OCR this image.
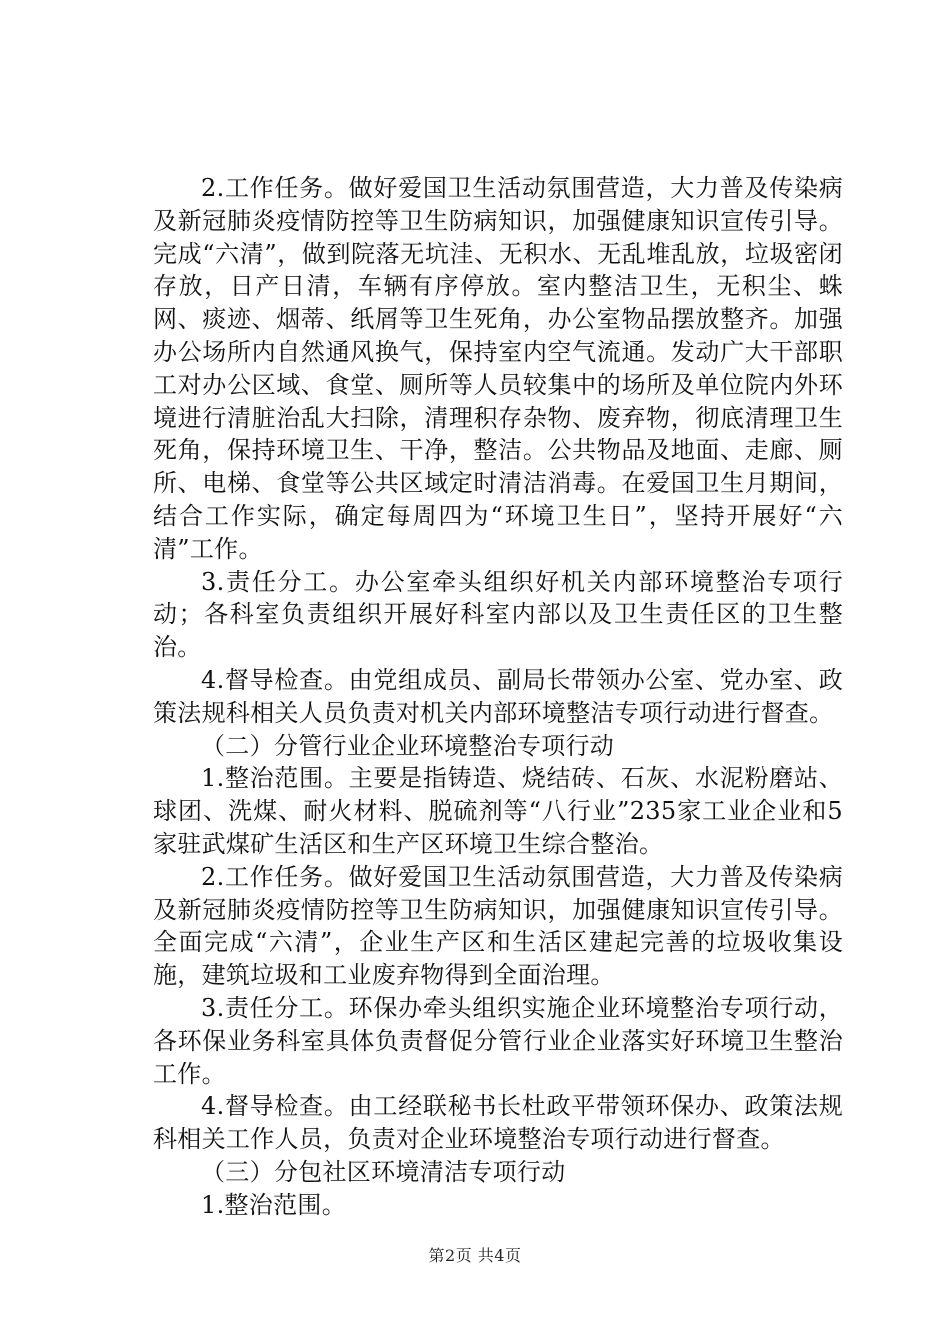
2.工作任务。做好爱国卫生活动氛围营造，大力普及传染病及新冠肺炎疫情防控等卫生防病知识，加强健康知识宣传引导。完成“六清”，做到院落无坑洼、无积水、无乱堆乱放，垃圾密闭存放，日产日清，车辆有序停放。室内整洁卫生，无积尘、蛛网、痰迹、烟蒂、纸屑等卫生死角，办公室物品摆放整齐。加强办公场所内自然通风换气，保持室内空气流通。发动广大干部职工对办公区域、食堂、厕所等人员较集中的场所及单位院内外环境进行清脏治乱大扫除，清理积存杂物、废弃物，彻底清理卫生死角，保持环境卫生、干净，整洁。公共物品及地面、走廊、厕所、电梯、食堂等公共区域定时清洁消毒。在爱国卫生月期间，结合工作实际，确定每周四为“环境卫生日”，坚持开展好“六清”工作。

3.责任分工。办公室牵头组织好机关内部环境整治专项行动；各科室负责组织开展好科室内部以及卫生责任区的卫生整治。

4.督导检查。由党组成员、副局长带领办公室、党办室、政策法规科相关人员负责对机关内部环境整洁专项行动进行督查。

（二）分管行业企业环境整治专项行动

1.整治范围。主要是指铸造、烧结砖、石灰、水泥粉磨站、球团、洗煤、耐火材料、脱硫剂等“八行业”235家工业企业和5家驻武煤矿生活区和生产区环境卫生综合整治。

2.工作任务。做好爱国卫生活动氛围营造，大力普及传染病及新冠肺炎疫情防控等卫生防病知识，加强健康知识宣传引导。全面完成“六清”，企业生产区和生活区建起完善的垃圾收集设施，建筑垃圾和工业废弃物得到全面治理。

3.责任分工。环保办牵头组织实施企业环境整治专项行动，各环保业务科室具体负责督促分管行业企业落实好环境卫生整治工作。

4.督导检查。由工经联秘书长杜政平带领环保办、政策法规科相关工作人员，负责对企业环境整治专项行动进行督查。

（三）分包社区环境清洁专项行动

1.整治范围。

第2页 共4页
